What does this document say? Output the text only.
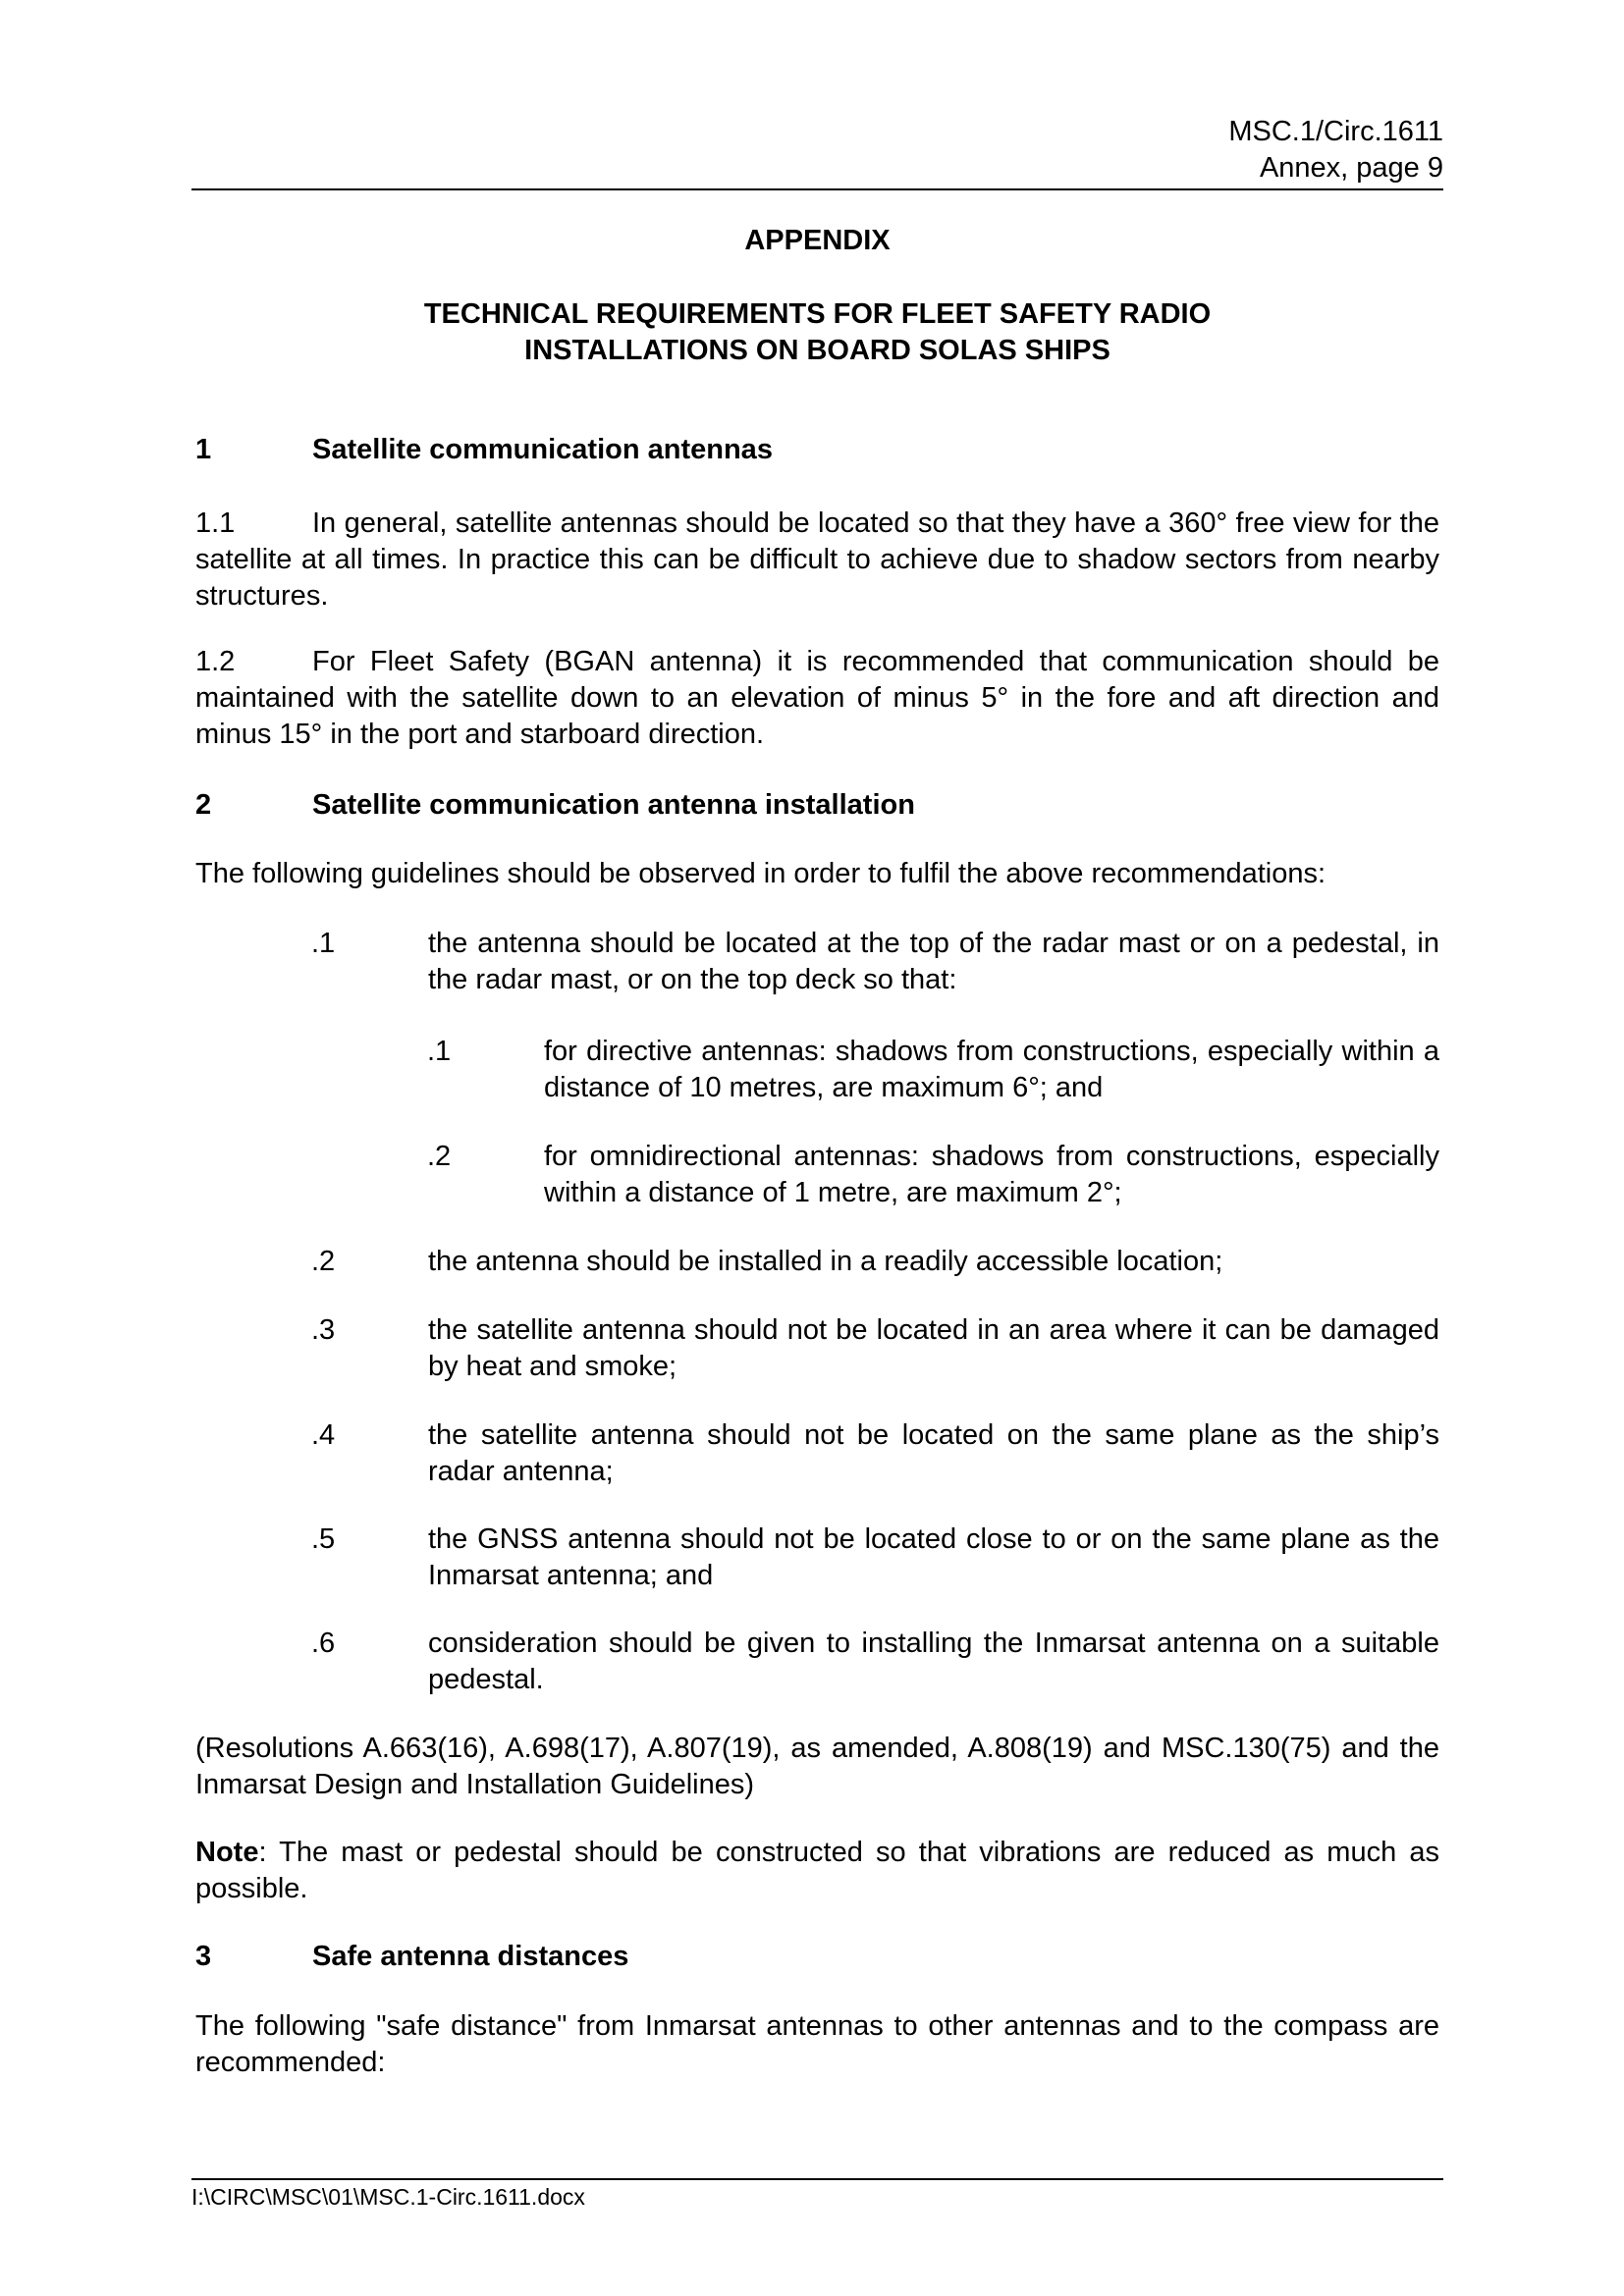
MSC.1/Circ.1611
Annex, page 9
APPENDIX
TECHNICAL REQUIREMENTS FOR FLEET SAFETY RADIO
INSTALLATIONS ON BOARD SOLAS SHIPS
1	Satellite communication antennas
1.1	In general, satellite antennas should be located so that they have a 360° free view for the satellite at all times. In practice this can be difficult to achieve due to shadow sectors from nearby structures.
1.2	For Fleet Safety (BGAN antenna) it is recommended that communication should be maintained with the satellite down to an elevation of minus 5° in the fore and aft direction and minus 15° in the port and starboard direction.
2	Satellite communication antenna installation
The following guidelines should be observed in order to fulfil the above recommendations:
.1	the antenna should be located at the top of the radar mast or on a pedestal, in the radar mast, or on the top deck so that:
.1	for directive antennas: shadows from constructions, especially within a distance of 10 metres, are maximum 6°; and
.2	for omnidirectional antennas: shadows from constructions, especially within a distance of 1 metre, are maximum 2°;
.2	the antenna should be installed in a readily accessible location;
.3	the satellite antenna should not be located in an area where it can be damaged by heat and smoke;
.4	the satellite antenna should not be located on the same plane as the ship’s radar antenna;
.5	the GNSS antenna should not be located close to or on the same plane as the Inmarsat antenna; and
.6	consideration should be given to installing the Inmarsat antenna on a suitable pedestal.
(Resolutions A.663(16), A.698(17), A.807(19), as amended, A.808(19) and MSC.130(75) and the Inmarsat Design and Installation Guidelines)
Note: The mast or pedestal should be constructed so that vibrations are reduced as much as possible.
3	Safe antenna distances
The following "safe distance" from Inmarsat antennas to other antennas and to the compass are recommended:
I:\CIRC\MSC\01\MSC.1-Circ.1611.docx
